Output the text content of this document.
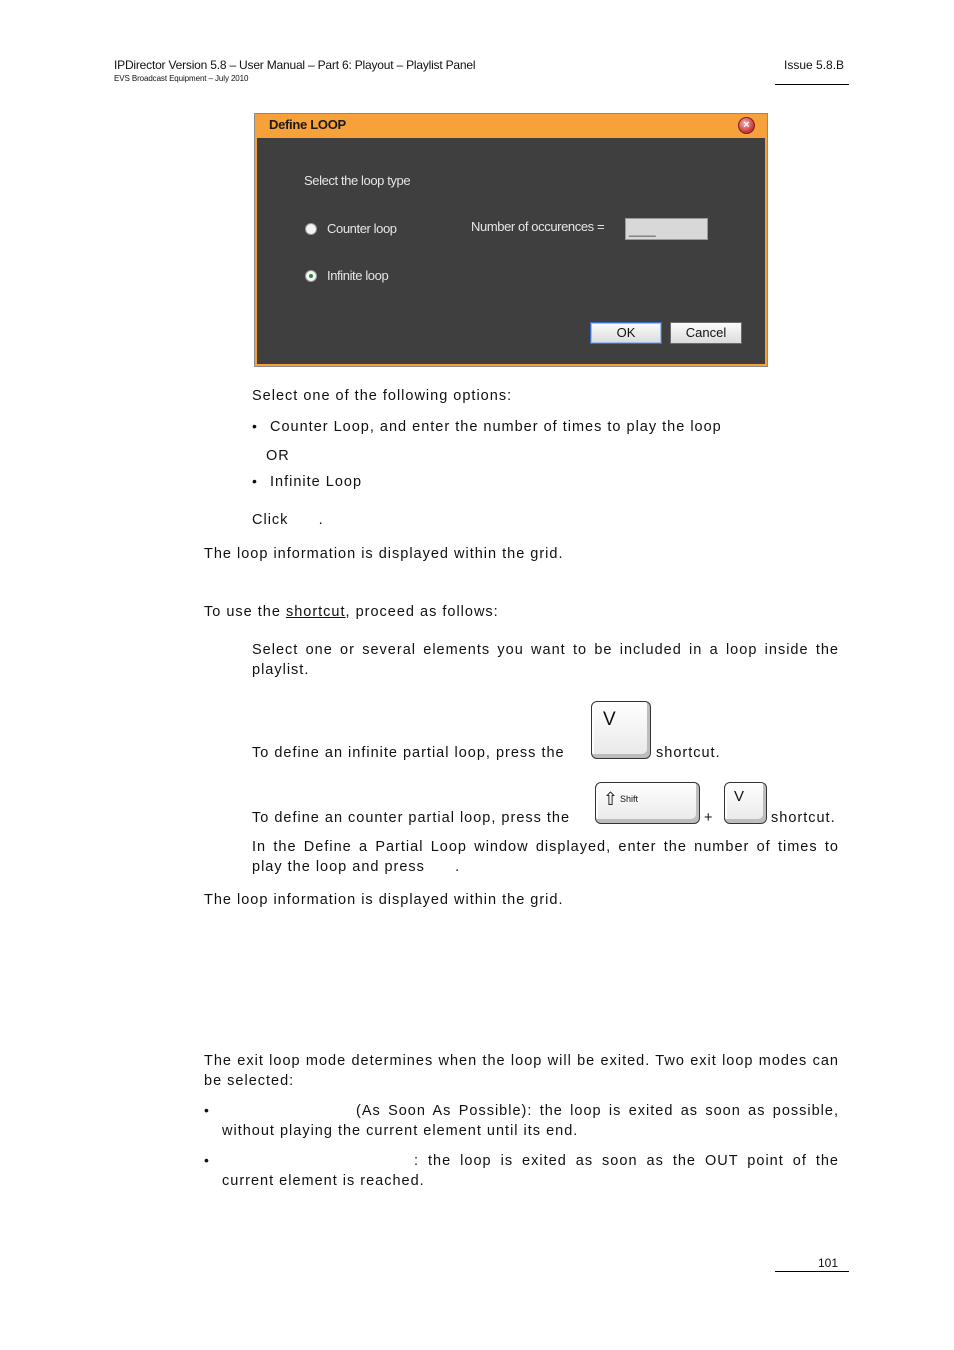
IPDirector Version 5.8 – User Manual – Part 6: Playout – Playlist Panel
EVS Broadcast Equipment – July 2010
Issue 5.8.B
Define LOOP	×
Select the loop type
Counter loop	Number of occurences =	____
Infinite loop
OK	Cancel
Select one of the following options:
• Counter Loop, and enter the number of times to play the loop
OR
• Infinite Loop
Click      .
The loop information is displayed within the grid.
To use the shortcut, proceed as follows:
Select one or several elements you want to be included in a loop inside the playlist.
To define an infinite partial loop, press the
V
shortcut.
To define an counter partial loop, press the
⇧ Shift
+
V
shortcut.
In the Define a Partial Loop window displayed, enter the number of times to play the loop and press      .
The loop information is displayed within the grid.
The exit loop mode determines when the loop will be exited. Two exit loop modes can be selected:
•	(As Soon As Possible): the loop is exited as soon as possible, without playing the current element until its end.
•	: the loop is exited as soon as the OUT point of the current element is reached.
101
